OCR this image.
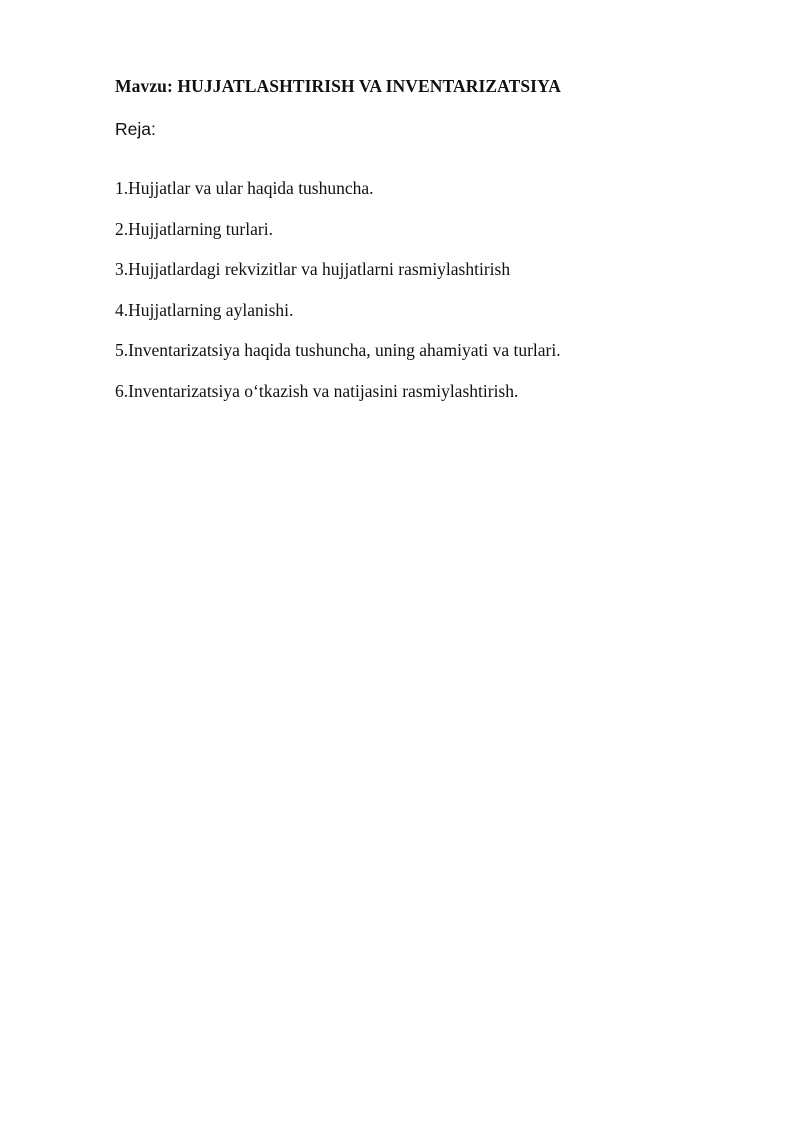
Mavzu: HUJJATLASHTIRISH VA INVENTARIZATSIYA
Reja:
1.Hujjatlar va ular haqida tushuncha.
2.Hujjatlarning turlari.
3.Hujjatlardagi rekvizitlar va hujjatlarni rasmiylashtirish
4.Hujjatlarning aylanishi.
5.Inventarizatsiya haqida tushuncha, uning ahamiyati va turlari.
6.Inventarizatsiya o‘tkazish va natijasini rasmiylashtirish.
